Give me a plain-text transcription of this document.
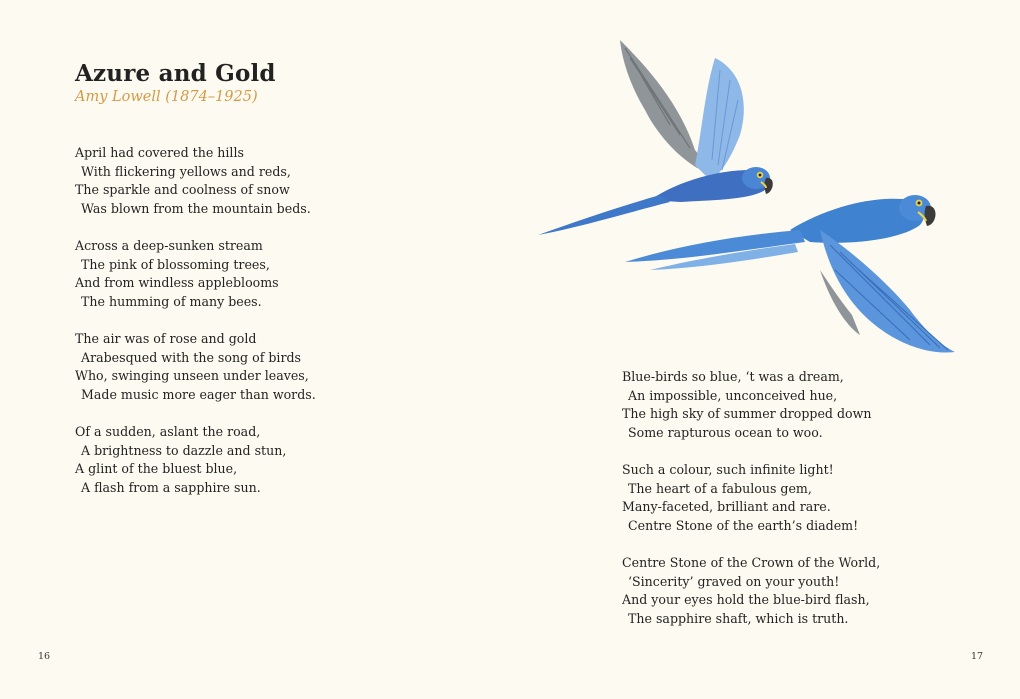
Azure and Gold
Amy Lowell (1874–1925)
April had covered the hills
With flickering yellows and reds,
The sparkle and coolness of snow
Was blown from the mountain beds.
Across a deep-sunken stream
The pink of blossoming trees,
And from windless appleblooms
The humming of many bees.
The air was of rose and gold
Arabesqued with the song of birds
Who, swinging unseen under leaves,
Made music more eager than words.
Of a sudden, aslant the road,
A brightness to dazzle and stun,
A glint of the bluest blue,
A flash from a sapphire sun.
Blue-birds so blue, ‘t was a dream,
An impossible, unconceived hue,
The high sky of summer dropped down
Some rapturous ocean to woo.
Such a colour, such infinite light!
The heart of a fabulous gem,
Many-faceted, brilliant and rare.
Centre Stone of the earth’s diadem!
Centre Stone of the Crown of the World,
‘Sincerity’ graved on your youth!
And your eyes hold the blue-bird flash,
The sapphire shaft, which is truth.
16	17
